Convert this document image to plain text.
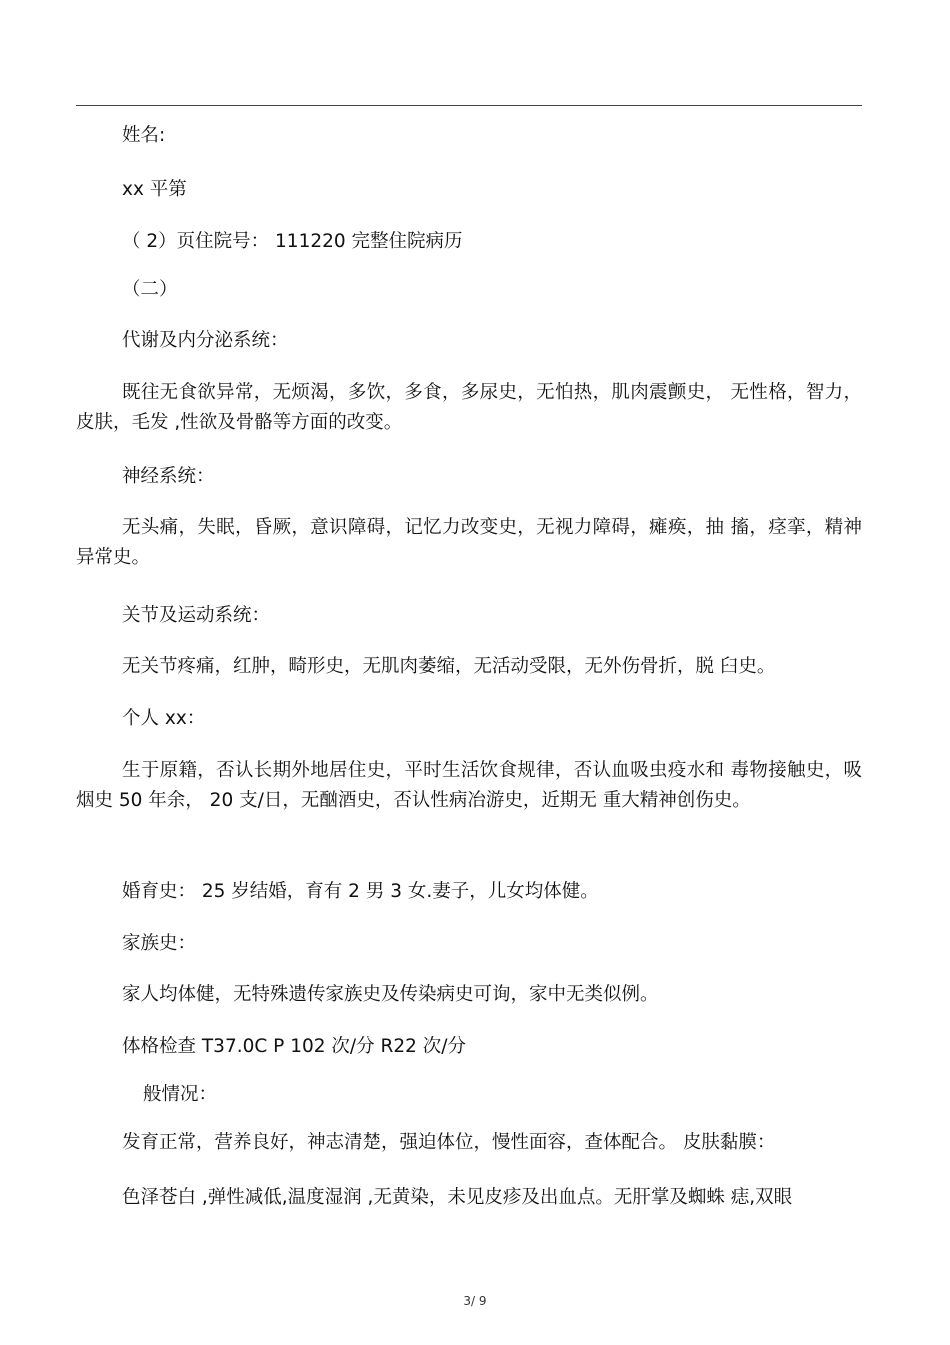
姓名:

xx 平第

（ 2）页住院号： 111220 完整住院病历

（二）

代谢及内分泌系统：

既往无食欲异常，无烦渴，多饮，多食，多尿史，无怕热，肌肉震颤史， 无性格，智力，皮肤，毛发 ,性欲及骨骼等方面的改变。

神经系统：

无头痛，失眠，昏厥，意识障碍，记忆力改变史，无视力障碍，瘫痪，抽 搐，痉挛，精神异常史。

关节及运动系统：

无关节疼痛，红肿，畸形史，无肌肉萎缩，无活动受限，无外伤骨折，脱 臼史。

个人 xx：

生于原籍，否认长期外地居住史，平时生活饮食规律，否认血吸虫疫水和 毒物接触史，吸烟史 50 年余， 20 支/日，无酗酒史，否认性病冶游史，近期无 重大精神创伤史。

婚育史： 25 岁结婚，育有 2 男 3 女.妻子，儿女均体健。

家族史：

家人均体健，无特殊遗传家族史及传染病史可询，家中无类似例。

体格检查 T37.0C P 102 次/分 R22 次/分

般情况：

发育正常，营养良好，神志清楚，强迫体位，慢性面容，查体配合。 皮肤黏膜：

色泽苍白 ,弹性减低,温度湿润 ,无黄染，未见皮疹及出血点。无肝掌及蜘蛛 痣,双眼

3/ 9
